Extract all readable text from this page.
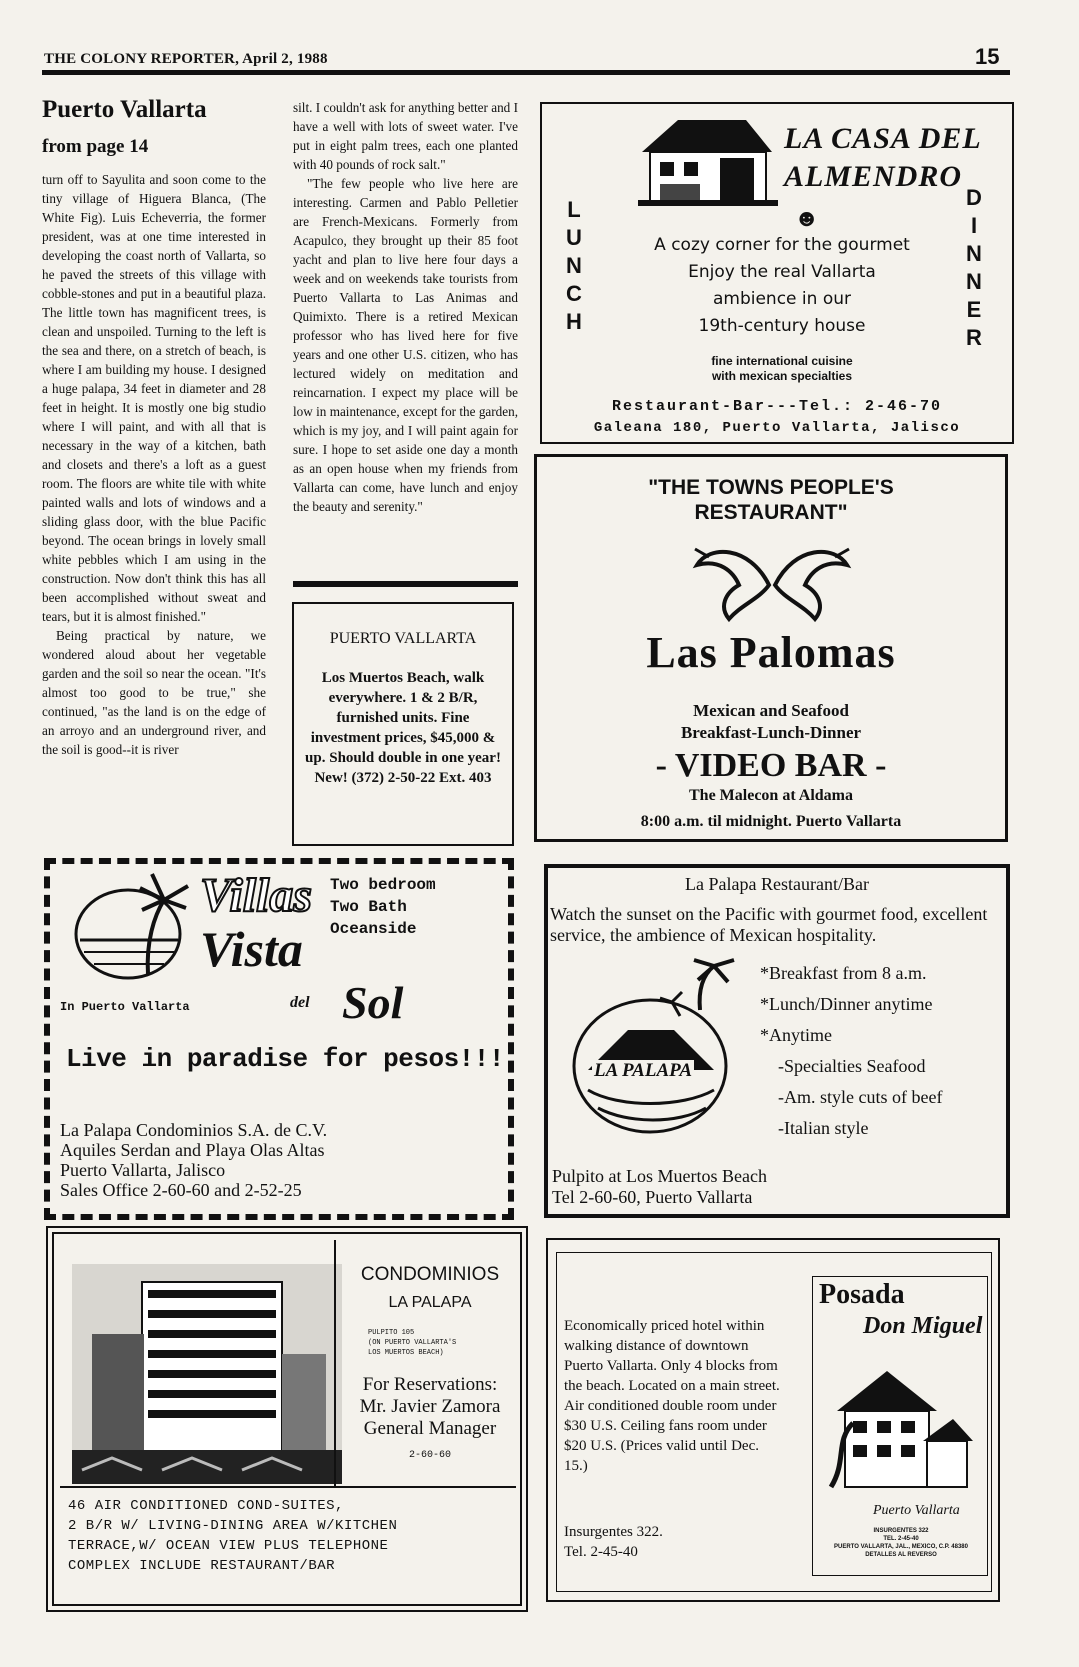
THE COLONY REPORTER, April 2, 1988	15
Puerto Vallarta
from page 14

turn off to Sayulita and soon come to the tiny village of Higuera Blanca, (The White Fig). Luis Echeverria, the former president, was at one time interested in developing the coast north of Vallarta, so he paved the streets of this village with cobble-stones and put in a beautiful plaza. The little town has magnificent trees, is clean and unspoiled. Turning to the left is the sea and there, on a stretch of beach, is where I am building my house. I designed a huge palapa, 34 feet in diameter and 28 feet in height. It is mostly one big studio where I will paint, and with all that is necessary in the way of a kitchen, bath and closets and there's a loft as a guest room. The floors are white tile with white painted walls and lots of windows and a sliding glass door, with the blue Pacific beyond. The ocean brings in lovely small white pebbles which I am using in the construction. Now don't think this has all been accomplished without sweat and tears, but it is almost finished."

Being practical by nature, we wondered aloud about her vegetable garden and the soil so near the ocean. "It's almost too good to be true," she continued, "as the land is on the edge of an arroyo and an underground river, and the soil is good--it is river

silt. I couldn't ask for anything better and I have a well with lots of sweet water. I've put in eight palm trees, each one planted with 40 pounds of rock salt."

"The few people who live here are interesting. Carmen and Pablo Pelletier are French-Mexicans. Formerly from Acapulco, they brought up their 85 foot yacht and plan to live here four days a week and on weekends take tourists from Puerto Vallarta to Las Animas and Quimixto. There is a retired Mexican professor who has lived here for five years and one other U.S. citizen, who has lectured widely on meditation and reincarnation. I expect my place will be low in maintenance, except for the garden, which is my joy, and I will paint again for sure. I hope to set aside one day a month as an open house when my friends from Vallarta can come, have lunch and enjoy the beauty and serenity."

PUERTO VALLARTA
Los Muertos Beach, walk everywhere. 1 & 2 B/R, furnished units. Fine investment prices, $45,000 & up. Should double in one year! New! (372) 2-50-22 Ext. 403
LA CASA DEL
ALMENDRO
L
U
N
C
H
D
I
N
N
E
R
☻
A cozy corner for the gourmet
Enjoy the real Vallarta
ambience in our
19th-century house
fine international cuisine
with mexican specialties
Restaurant-Bar---Tel.: 2-46-70
Galeana 180, Puerto Vallarta, Jalisco
"THE TOWNS PEOPLE'S
RESTAURANT"
Las Palomas
Mexican and Seafood
Breakfast-Lunch-Dinner
- VIDEO BAR -
The Malecon at Aldama
8:00 a.m. til midnight. Puerto Vallarta
Villas
Vista
Two bedroom
Two Bath
Oceanside
del Sol
In Puerto Vallarta
Live in paradise for pesos!!!
La Palapa Condominios S.A. de C.V.
Aquiles Serdan and Playa Olas Altas
Puerto Vallarta, Jalisco
Sales Office 2-60-60 and 2-52-25
La Palapa Restaurant/Bar
Watch the sunset on the Pacific with gourmet food, excellent service, the ambience of Mexican hospitality.
LA PALAPA
*Breakfast from 8 a.m.
*Lunch/Dinner anytime
*Anytime
-Specialties Seafood
-Am. style cuts of beef
-Italian style
Pulpito at Los Muertos Beach
Tel 2-60-60, Puerto Vallarta
CONDOMINIOS
LA PALAPA
PULPITO 105
(ON PUERTO VALLARTA'S
LOS MUERTOS BEACH)
For Reservations:
Mr. Javier Zamora
General Manager
2-60-60
46 AIR CONDITIONED COND-SUITES,
2 B/R W/ LIVING-DINING AREA W/KITCHEN
TERRACE,W/ OCEAN VIEW PLUS TELEPHONE
COMPLEX INCLUDE RESTAURANT/BAR
Economically priced hotel within walking distance of downtown Puerto Vallarta. Only 4 blocks from the beach. Located on a main street. Air conditioned double room under $30 U.S. Ceiling fans room under $20 U.S. (Prices valid until Dec. 15.)
Insurgentes 322.
Tel. 2-45-40
Posada
Don Miguel
Puerto Vallarta
INSURGENTES 322
TEL. 2-45-40
PUERTO VALLARTA, JAL., MEXICO, C.P. 48380
DETALLES AL REVERSO
